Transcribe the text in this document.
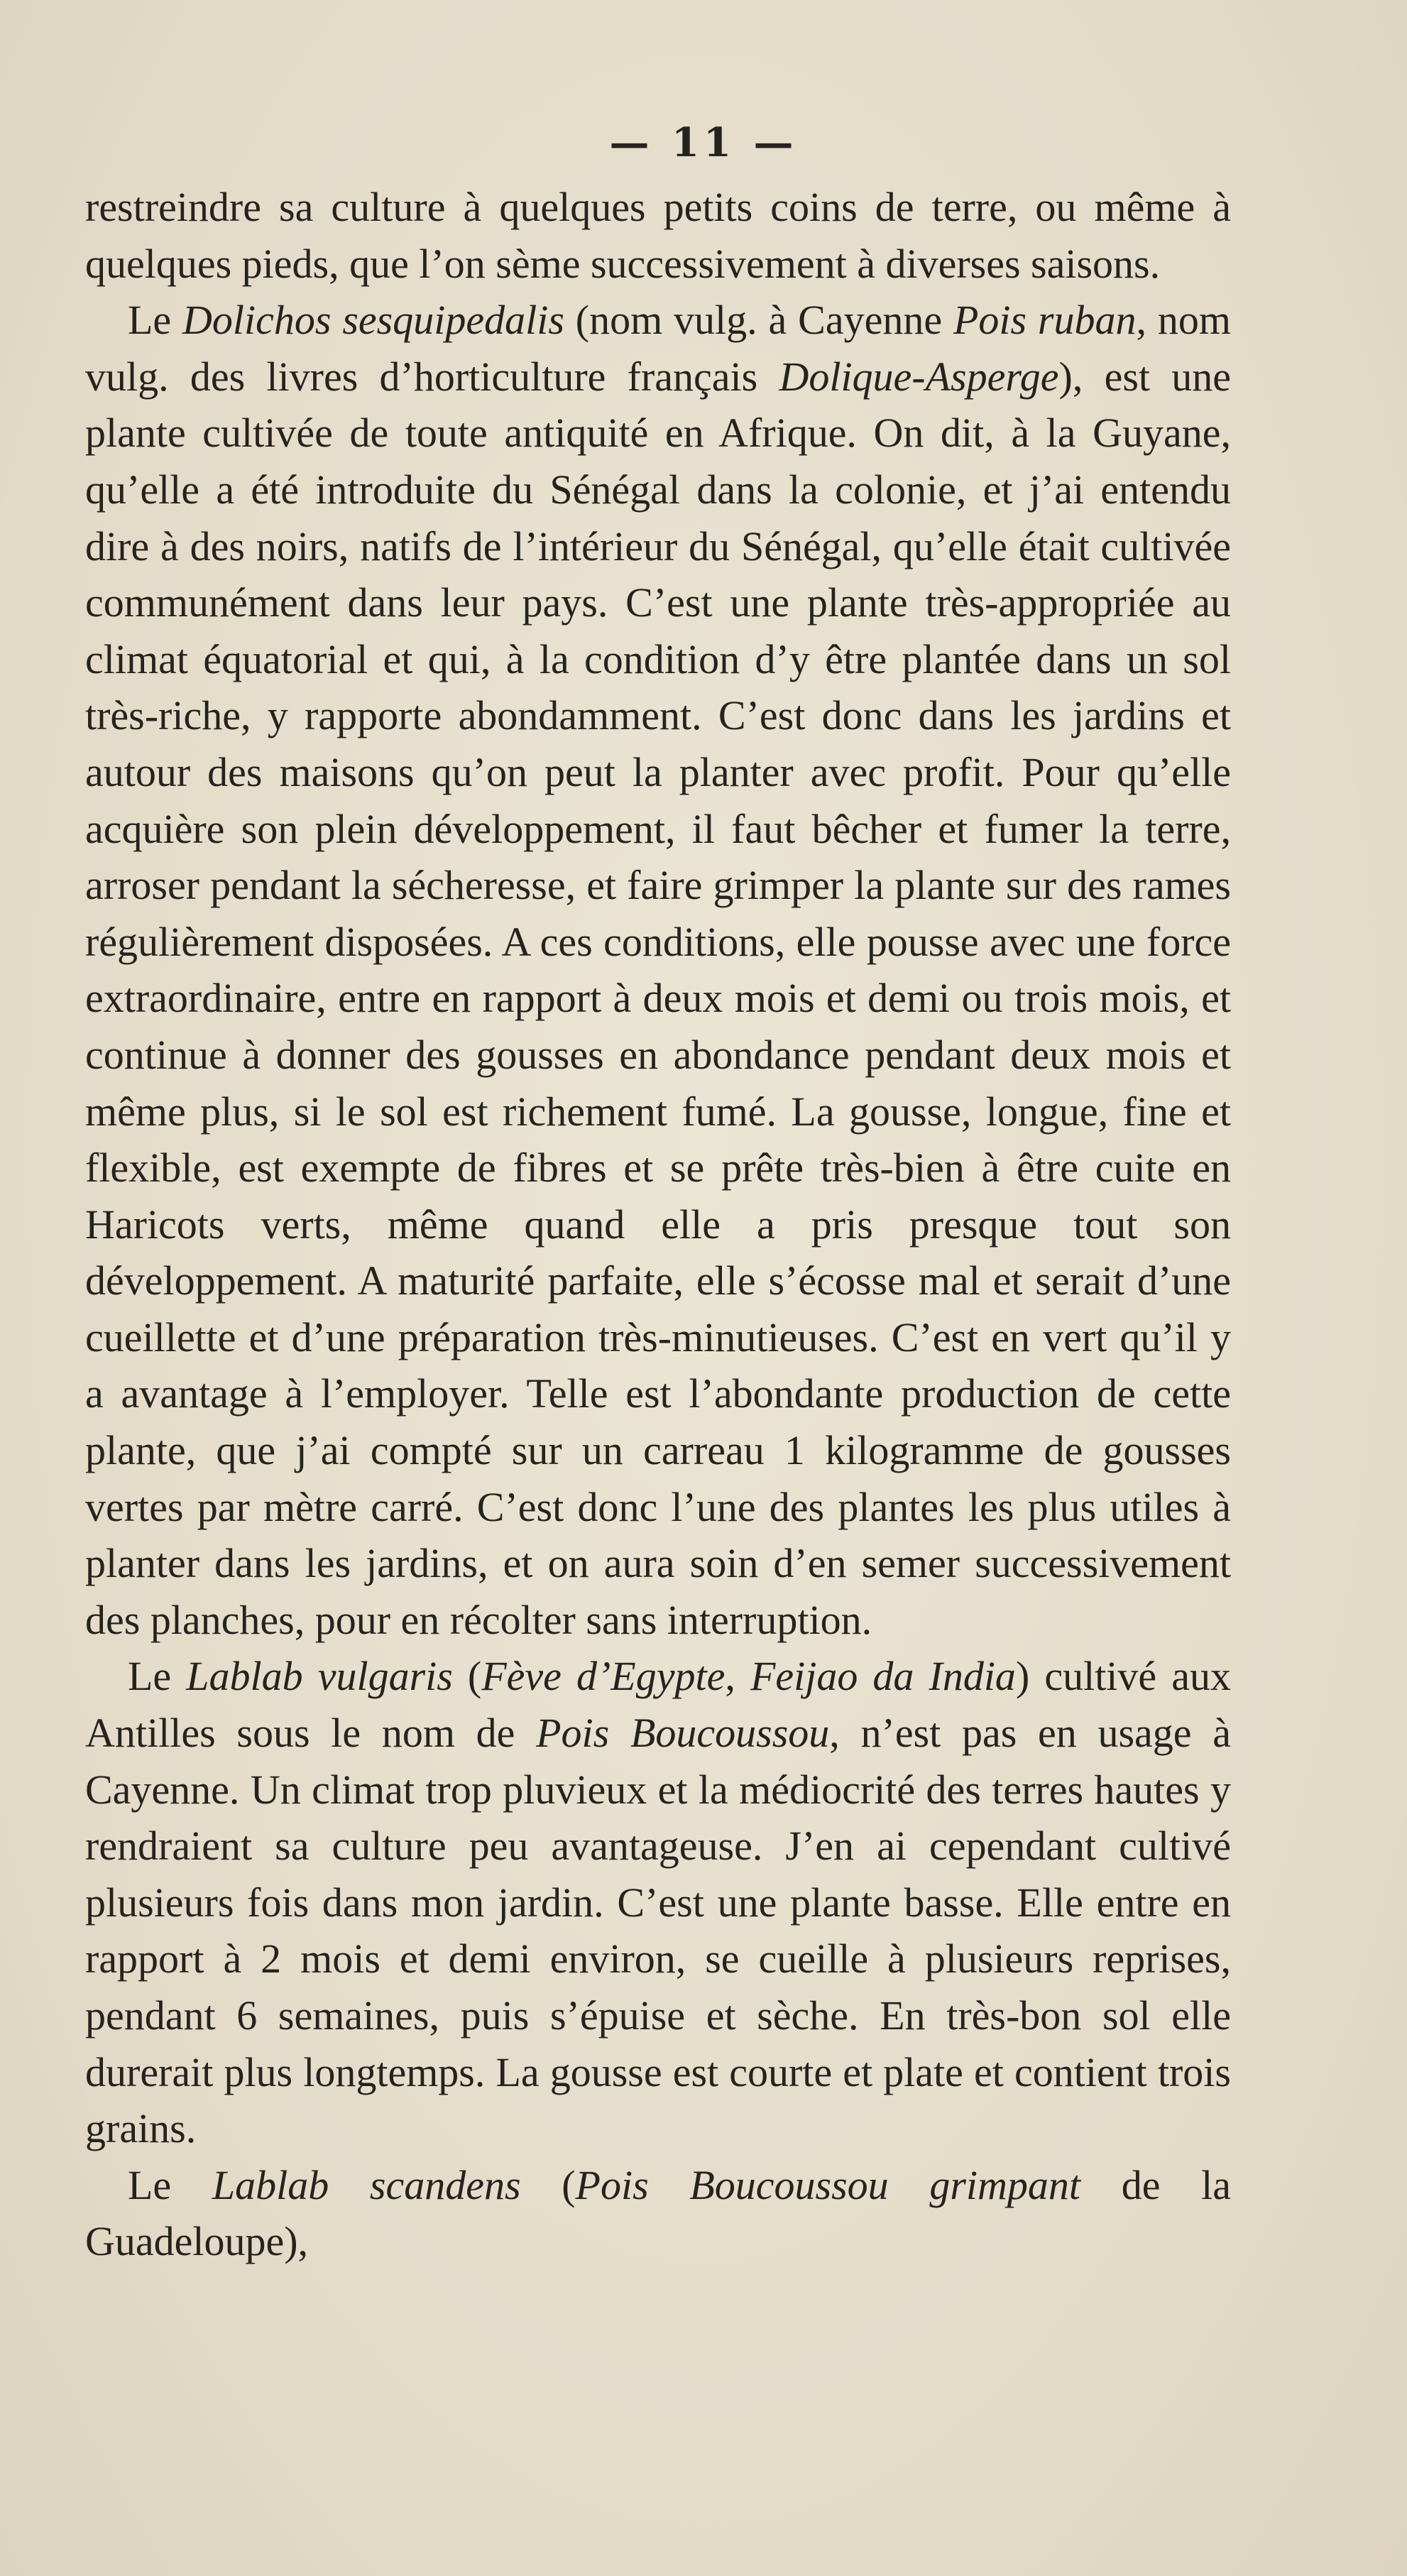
— 11 —

restreindre sa culture à quelques petits coins de terre, ou même à quelques pieds, que l’on sème successivement à diverses saisons.

Le Dolichos sesquipedalis (nom vulg. à Cayenne Pois ruban, nom vulg. des livres d’horticulture français Dolique-Asperge), est une plante cultivée de toute antiquité en Afrique. On dit, à la Guyane, qu’elle a été introduite du Sénégal dans la colonie, et j’ai entendu dire à des noirs, natifs de l’intérieur du Sénégal, qu’elle était cultivée communément dans leur pays. C’est une plante très-appropriée au climat équatorial et qui, à la condition d’y être plantée dans un sol très-riche, y rapporte abondamment. C’est donc dans les jardins et autour des maisons qu’on peut la planter avec profit. Pour qu’elle acquière son plein développement, il faut bêcher et fumer la terre, arroser pendant la sécheresse, et faire grimper la plante sur des rames régulièrement disposées. A ces conditions, elle pousse avec une force extraordinaire, entre en rapport à deux mois et demi ou trois mois, et continue à donner des gousses en abondance pendant deux mois et même plus, si le sol est richement fumé. La gousse, longue, fine et flexible, est exempte de fibres et se prête très-bien à être cuite en Haricots verts, même quand elle a pris presque tout son développement. A maturité parfaite, elle s’écosse mal et serait d’une cueillette et d’une préparation très-minutieuses. C’est en vert qu’il y a avantage à l’employer. Telle est l’abondante production de cette plante, que j’ai compté sur un carreau 1 kilogramme de gousses vertes par mètre carré. C’est donc l’une des plantes les plus utiles à planter dans les jardins, et on aura soin d’en semer successivement des planches, pour en récolter sans interruption.

Le Lablab vulgaris (Fève d’Egypte, Feijao da India) cultivé aux Antilles sous le nom de Pois Boucoussou, n’est pas en usage à Cayenne. Un climat trop pluvieux et la médiocrité des terres hautes y rendraient sa culture peu avantageuse. J’en ai cependant cultivé plusieurs fois dans mon jardin. C’est une plante basse. Elle entre en rapport à 2 mois et demi environ, se cueille à plusieurs reprises, pendant 6 semaines, puis s’épuise et sèche. En très-bon sol elle durerait plus longtemps. La gousse est courte et plate et contient trois grains.

Le Lablab scandens (Pois Boucoussou grimpant de la Guadeloupe),
